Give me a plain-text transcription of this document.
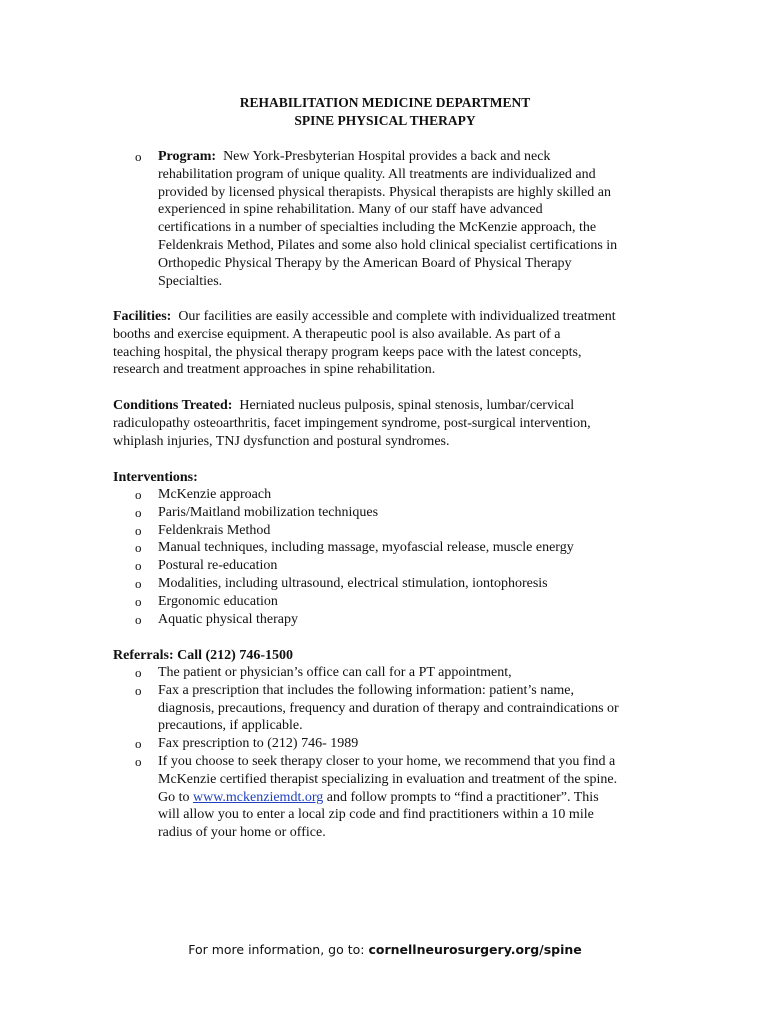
REHABILITATION MEDICINE DEPARTMENT
SPINE PHYSICAL THERAPY
o Program: New York-Presbyterian Hospital provides a back and neck
rehabilitation program of unique quality. All treatments are individualized and
provided by licensed physical therapists. Physical therapists are highly skilled an
experienced in spine rehabilitation. Many of our staff have advanced
certifications in a number of specialties including the McKenzie approach, the
Feldenkrais Method, Pilates and some also hold clinical specialist certifications in
Orthopedic Physical Therapy by the American Board of Physical Therapy
Specialties.
Facilities: Our facilities are easily accessible and complete with individualized treatment
booths and exercise equipment. A therapeutic pool is also available. As part of a
teaching hospital, the physical therapy program keeps pace with the latest concepts,
research and treatment approaches in spine rehabilitation.
Conditions Treated: Herniated nucleus pulposis, spinal stenosis, lumbar/cervical
radiculopathy osteoarthritis, facet impingement syndrome, post-surgical intervention,
whiplash injuries, TNJ dysfunction and postural syndromes.
Interventions:
o McKenzie approach
o Paris/Maitland mobilization techniques
o Feldenkrais Method
o Manual techniques, including massage, myofascial release, muscle energy
o Postural re-education
o Modalities, including ultrasound, electrical stimulation, iontophoresis
o Ergonomic education
o Aquatic physical therapy
Referrals: Call (212) 746-1500
o The patient or physician’s office can call for a PT appointment,
o Fax a prescription that includes the following information: patient’s name,
diagnosis, precautions, frequency and duration of therapy and contraindications or
precautions, if applicable.
o Fax prescription to (212) 746- 1989
o If you choose to seek therapy closer to your home, we recommend that you find a
McKenzie certified therapist specializing in evaluation and treatment of the spine.
Go to www.mckenziemdt.org and follow prompts to “find a practitioner”. This
will allow you to enter a local zip code and find practitioners within a 10 mile
radius of your home or office.
For more information, go to: cornellneurosurgery.org/spine
